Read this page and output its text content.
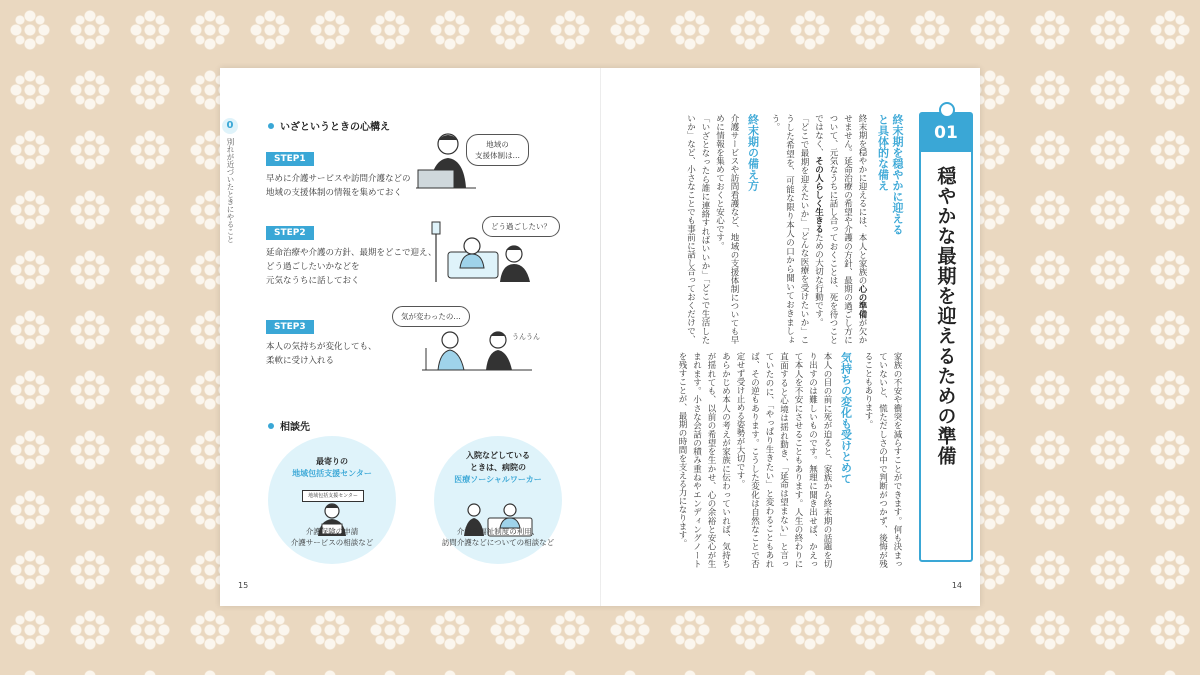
0
別れが近づいたときにやること
いざというときの心構え
STEP1
早めに介護サービスや訪問介護などの
地域の支援体制の情報を集めておく
地域の
支援体制は…
STEP2
延命治療や介護の方針、最期をどこで迎え、
どう過ごしたいかなどを
元気なうちに話しておく
どう過ごしたい？
STEP3
本人の気持ちが変化しても、
柔軟に受け入れる
気が変わったの…
うんうん
相談先
最寄りの
地域包括支援センター
地域包括支援センター
介護保険の申請
介護サービスの相談など
入院などしている
ときは、病院の
医療ソーシャルワーカー
介護や福祉制度の利用、
訪問介護などについての相談など
15
01
穏やかな最期を迎えるための準備
終末期を穏やかに迎える
と具体的な備え

終末期を穏やかに迎えるには、本人と家族の心の準備が欠かせません。延命治療の希望や介護の方針、最期の過ごし方について、元気なうちに話し合っておくことは、死を待つことではなく、その人らしく生きるための大切な行動です。

「どこで最期を迎えたいか」「どんな医療を受けたいか」こうした希望を、可能な限り本人の口から聞いておきましょう。

終末期の備え方

介護サービスや訪問看護など、地域の支援体制についても早めに情報を集めておくと安心です。

「いざとなったら誰に連絡すればいいか」「どこで生活したいか」など、小さなことでも事前に話し合っておくだけで、

家族の不安や衝突を減らすことができます。何も決まっていないと、慌ただしさの中で判断がつかず、後悔が残ることもあります。

気持ちの変化も受けとめて

本人の目の前に死が迫ると、家族から終末期の話題を切り出すのは難しいものです。無理に聞き出せば、かえって本人を不安にさせることもあります。人生の終わりに直面すると心境は揺れ動き、「延命は望まない」と言っていたのに、「やっぱり生きたい」と変わることもあれば、その逆もあります。こうした変化は自然なことで否定せず受け止める姿勢が大切です。

あらかじめ本人の考えが家族に伝わっていれば、気持ちが揺れても、以前の希望を生かせ、心の余裕と安心が生まれます。小さな会話の積み重ねやエンディングノートを残すことが、最期の時間を支える力になります。

14
